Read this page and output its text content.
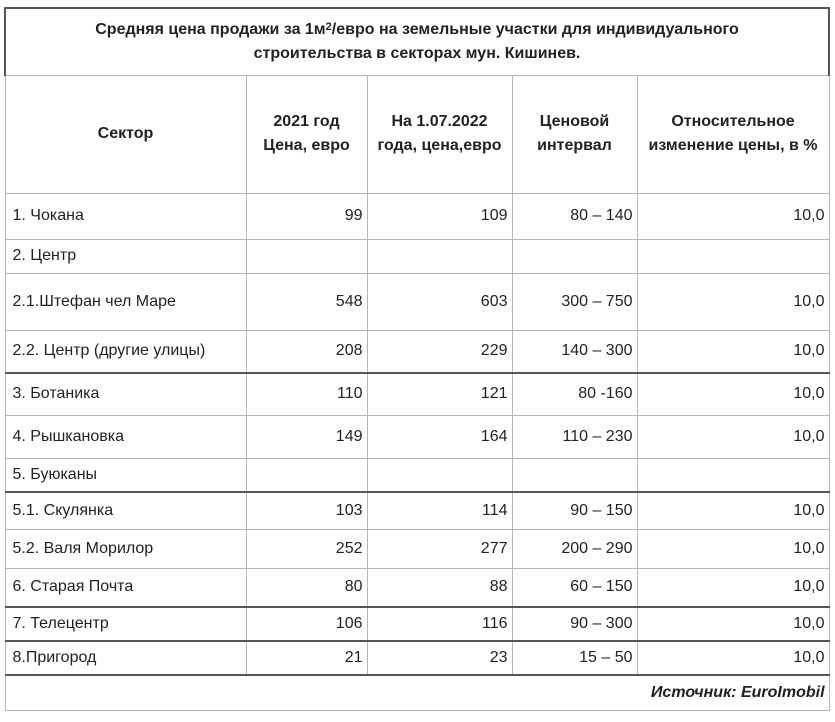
Средняя цена продажи за $1м^2$/евро на земельные участки для индивидуального
строительства в секторах мун. Кишинев.				
Сектор	2021 год Цена, евро	На 1.07.2022 года, цена,евро	Ценовой интервал	Относительное изменение цены, в %
1. Чокана	99	109	80 – 140	10,0
2. Центр				
2.1.Штефан чел Маре	548	603	300 – 750	10,0
2.2. Центр (другие улицы)	208	229	140 – 300	10,0
3. Ботаника	110	121	80 -160	10,0
4. Рышкановка	149	164	110 – 230	10,0
5. Буюканы				
5.1. Скулянка	103	114	90 – 150	10,0
5.2. Валя Морилор	252	277	200 – 290	10,0
6. Старая Почта	80	88	60 – 150	10,0
7. Телецентр	106	116	90 – 300	10,0
8.Пригород	21	23	15 – 50	10,0
Источник: EuroImobil				
